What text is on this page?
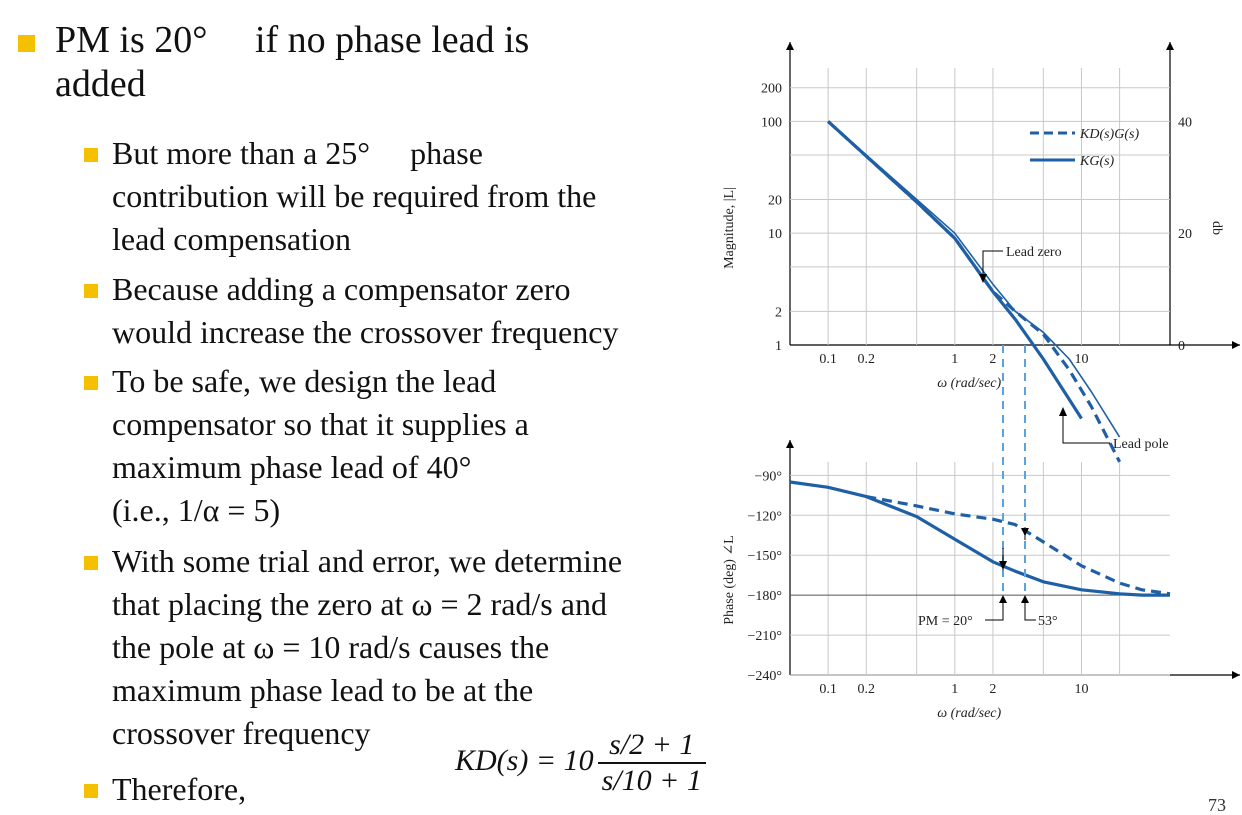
PM is 20°  if no phase lead is
added
But more than a 25°  phase
contribution will be required from the
lead compensation
Because adding a compensator zero
would increase the crossover frequency
To be safe, we design the lead
compensator so that it supplies a
maximum phase lead of 40°
(i.e., 1/α = 5)
With some trial and error, we determine
that placing the zero at ω = 2 rad/s and
the pole at ω = 10 rad/s causes the
maximum phase lead to be at the
crossover frequency
Therefore,
$KD(s) = 10 \frac{s/2 + 1}{s/10 + 1}$
73
1
2
10
20
100
200
0
20
40
0.1 0.2	1 2	10
ω (rad/sec)
Magnitude, |L|	db
−90°
−120°
−150°
−180°
−210°
−240°
0.1 0.2	1 2	10
ω (rad/sec)
Phase (deg) ∠L
KD(s)G(s)
KG(s)
Lead zero
Lead pole
PM = 20°	53°
